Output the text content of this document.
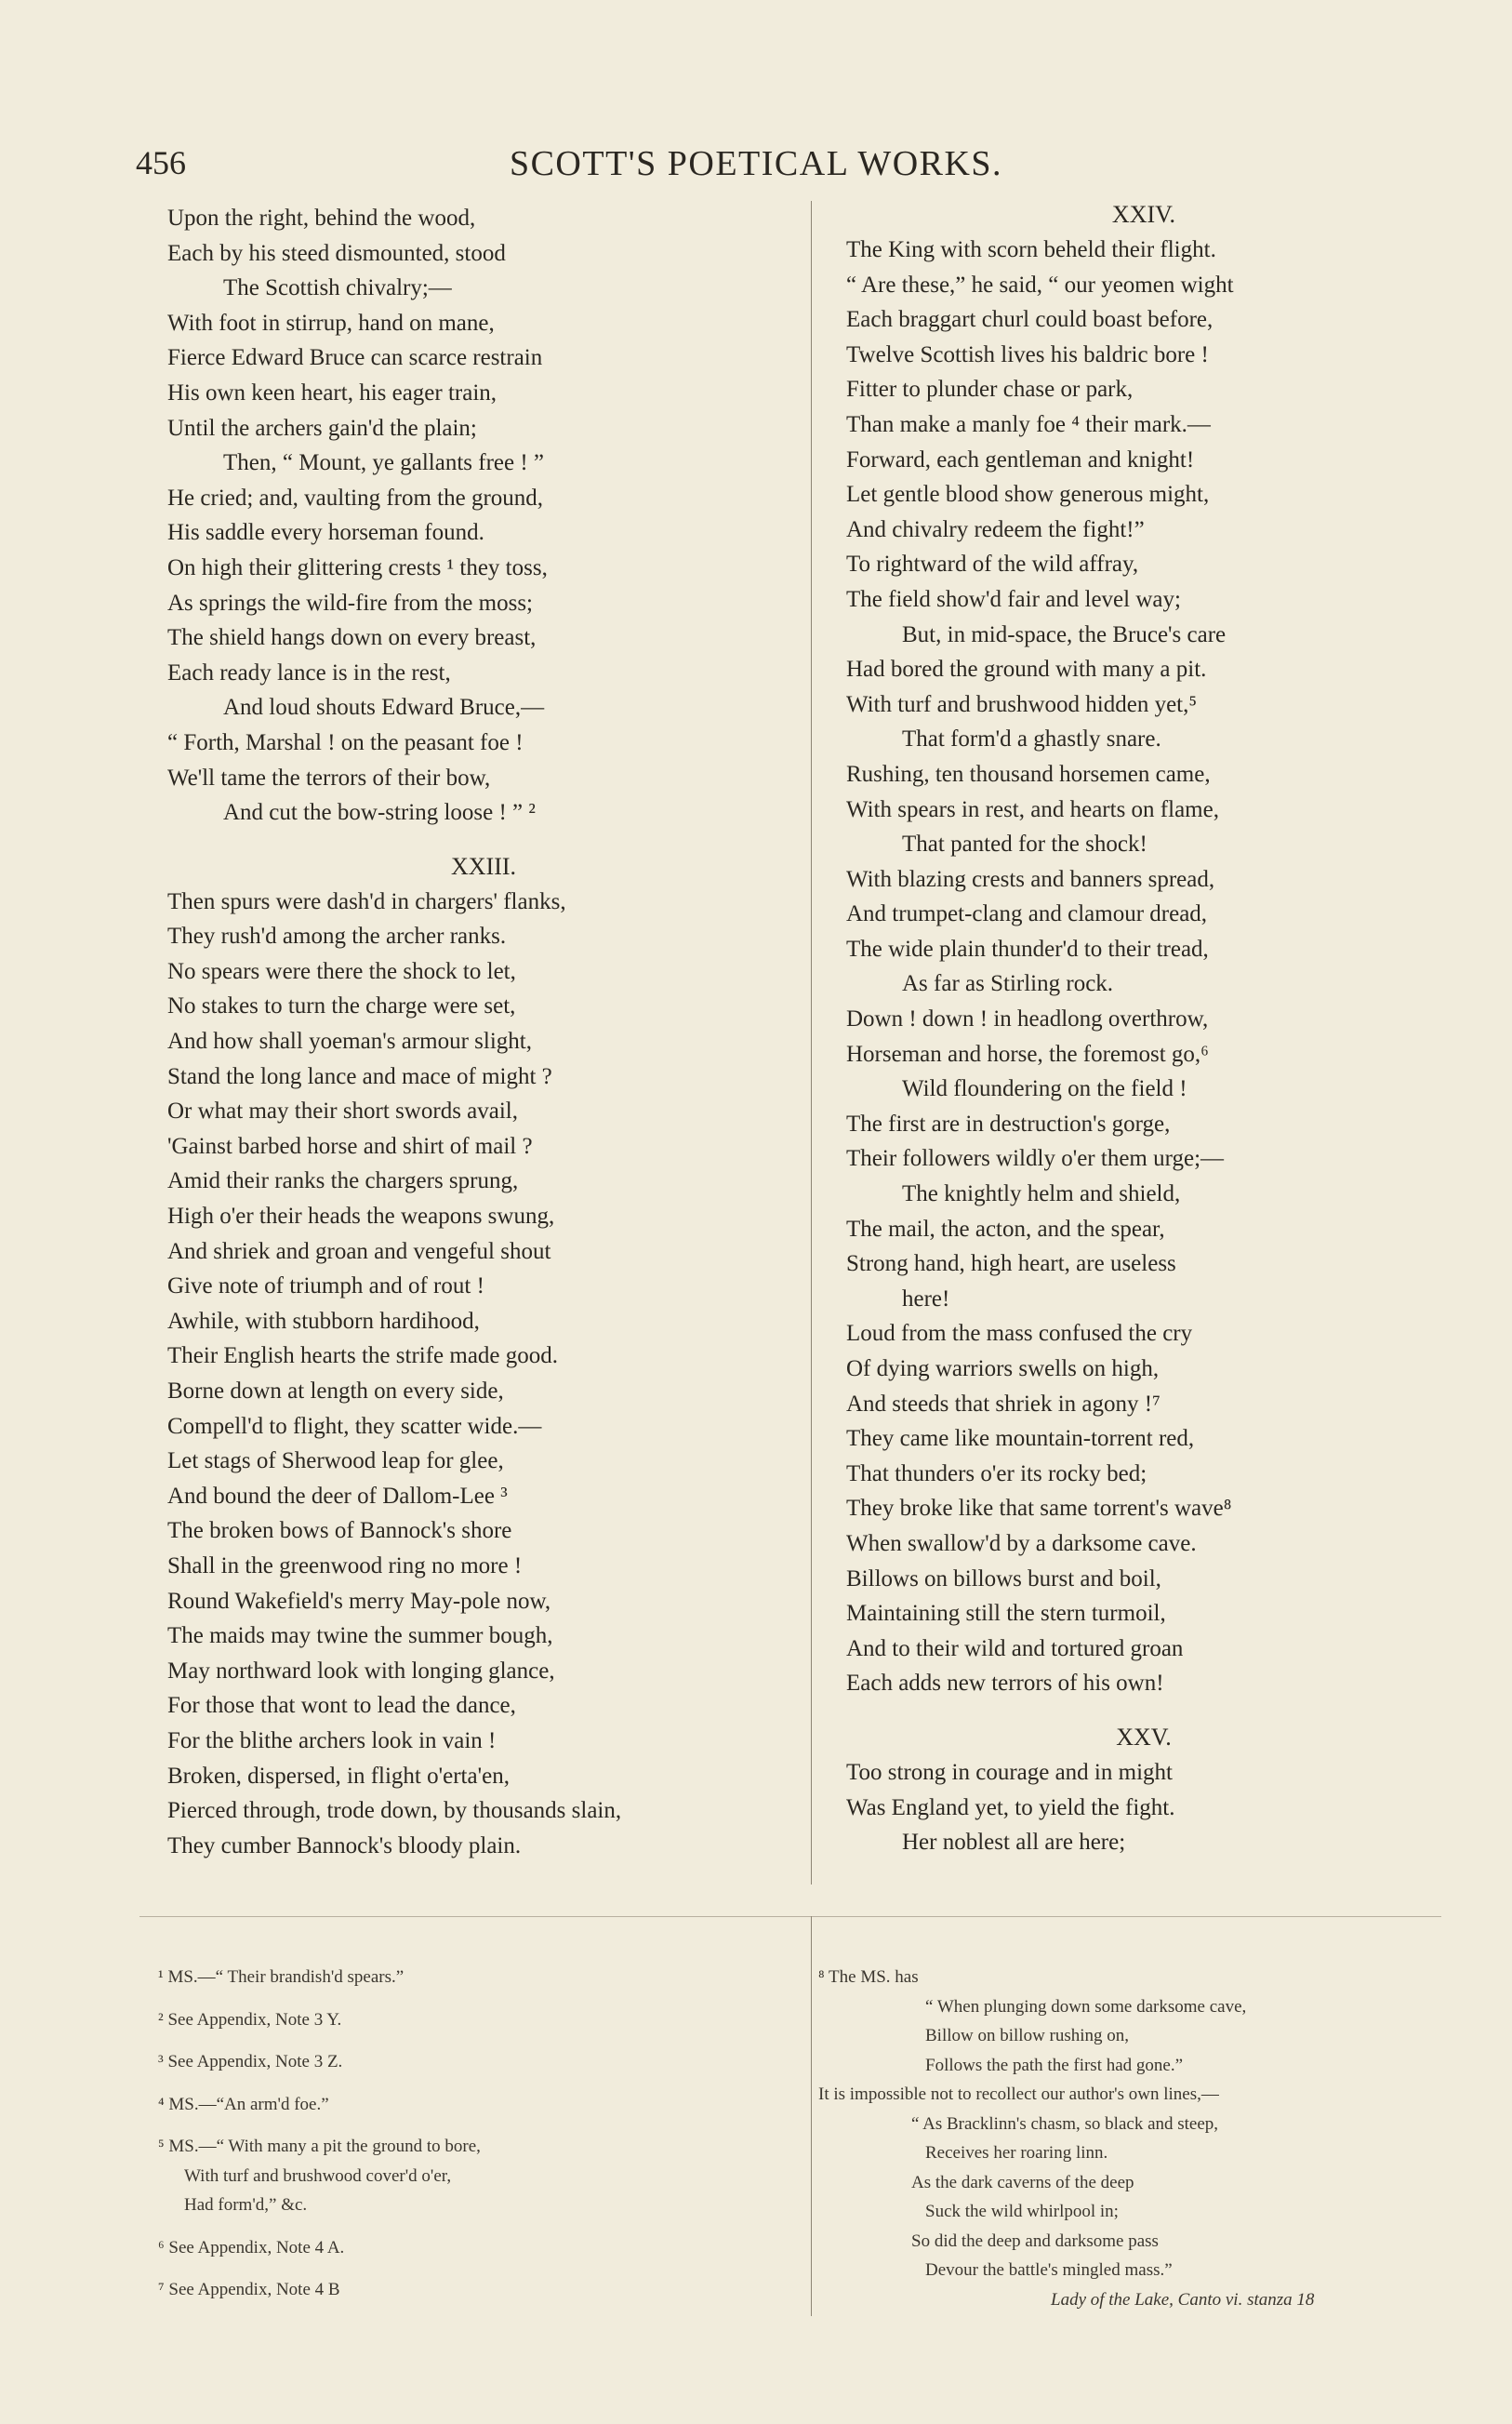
456	SCOTT'S POETICAL WORKS.
Upon the right, behind the wood,
Each by his steed dismounted, stood
The Scottish chivalry;—
With foot in stirrup, hand on mane,
Fierce Edward Bruce can scarce restrain
His own keen heart, his eager train,
Until the archers gain'd the plain;
Then, “ Mount, ye gallants free ! ”
He cried; and, vaulting from the ground,
His saddle every horseman found.
On high their glittering crests ¹ they toss,
As springs the wild-fire from the moss;
The shield hangs down on every breast,
Each ready lance is in the rest,
And loud shouts Edward Bruce,—
“ Forth, Marshal ! on the peasant foe !
We'll tame the terrors of their bow,
And cut the bow-string loose ! ” ²
XXIII.
Then spurs were dash'd in chargers' flanks,
They rush'd among the archer ranks.
No spears were there the shock to let,
No stakes to turn the charge were set,
And how shall yoeman's armour slight,
Stand the long lance and mace of might ?
Or what may their short swords avail,
'Gainst barbed horse and shirt of mail ?
Amid their ranks the chargers sprung,
High o'er their heads the weapons swung,
And shriek and groan and vengeful shout
Give note of triumph and of rout !
Awhile, with stubborn hardihood,
Their English hearts the strife made good.
Borne down at length on every side,
Compell'd to flight, they scatter wide.—
Let stags of Sherwood leap for glee,
And bound the deer of Dallom-Lee ³
The broken bows of Bannock's shore
Shall in the greenwood ring no more !
Round Wakefield's merry May-pole now,
The maids may twine the summer bough,
May northward look with longing glance,
For those that wont to lead the dance,
For the blithe archers look in vain !
Broken, dispersed, in flight o'erta'en,
Pierced through, trode down, by thousands slain,
They cumber Bannock's bloody plain.
XXIV.
The King with scorn beheld their flight.
“ Are these,” he said, “ our yeomen wight
Each braggart churl could boast before,
Twelve Scottish lives his baldric bore !
Fitter to plunder chase or park,
Than make a manly foe ⁴ their mark.—
Forward, each gentleman and knight!
Let gentle blood show generous might,
And chivalry redeem the fight!”
To rightward of the wild affray,
The field show'd fair and level way;
But, in mid-space, the Bruce's care
Had bored the ground with many a pit.
With turf and brushwood hidden yet,⁵
That form'd a ghastly snare.
Rushing, ten thousand horsemen came,
With spears in rest, and hearts on flame,
That panted for the shock!
With blazing crests and banners spread,
And trumpet-clang and clamour dread,
The wide plain thunder'd to their tread,
As far as Stirling rock.
Down ! down ! in headlong overthrow,
Horseman and horse, the foremost go,⁶
Wild floundering on the field !
The first are in destruction's gorge,
Their followers wildly o'er them urge;—
The knightly helm and shield,
The mail, the acton, and the spear,
Strong hand, high heart, are useless
here!
Loud from the mass confused the cry
Of dying warriors swells on high,
And steeds that shriek in agony !⁷
They came like mountain-torrent red,
That thunders o'er its rocky bed;
They broke like that same torrent's wave⁸
When swallow'd by a darksome cave.
Billows on billows burst and boil,
Maintaining still the stern turmoil,
And to their wild and tortured groan
Each adds new terrors of his own!
XXV.
Too strong in courage and in might
Was England yet, to yield the fight.
Her noblest all are here;
¹ MS.—“ Their brandish'd spears.”
² See Appendix, Note 3 Y.
³ See Appendix, Note 3 Z.
⁴ MS.—“An arm'd foe.”
⁵ MS.—“ With many a pit the ground to bore,
With turf and brushwood cover'd o'er,
Had form'd,” &c.
⁶ See Appendix, Note 4 A.
⁷ See Appendix, Note 4 B
⁸ The MS. has
“ When plunging down some darksome cave,
Billow on billow rushing on,
Follows the path the first had gone.”
It is impossible not to recollect our author's own lines,—
“ As Bracklinn's chasm, so black and steep,
Receives her roaring linn.
As the dark caverns of the deep
Suck the wild whirlpool in;
So did the deep and darksome pass
Devour the battle's mingled mass.”
Lady of the Lake, Canto vi. stanza 18
